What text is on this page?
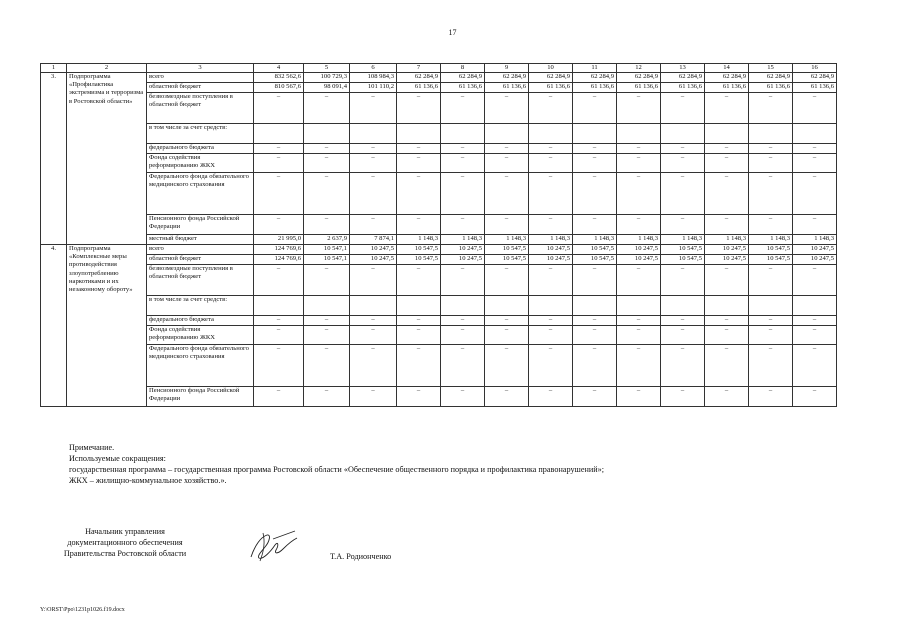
17
1	2	3	4	5	6	7	8	9	10	11	12	13	14	15	16
3.	Подпрограмма «Профилактика экстремизма и терроризма в Ростовской области»	всего	832 562,6	100 729,3	108 984,3	62 284,9	62 284,9	62 284,9	62 284,9	62 284,9	62 284,9	62 284,9	62 284,9	62 284,9	62 284,9
		областной бюджет	810 567,6	98 091,4	101 110,2	61 136,6	61 136,6	61 136,6	61 136,6	61 136,6	61 136,6	61 136,6	61 136,6	61 136,6	61 136,6
		безвозмездные поступления в областной бюджет	–	–	–	–	–	–	–	–	–	–	–	–	–
		в том числе за счет средств:													
		федерального бюджета	–	–	–	–	–	–	–	–	–	–	–	–	–
		Фонда содействия реформированию ЖКХ	–	–	–	–	–	–	–	–	–	–	–	–	–
		Федерального фонда обязательного медицинского страхования	–	–	–	–	–	–	–	–	–	–	–	–	–
		Пенсионного фонда Российской Федерации	–	–	–	–	–	–	–	–	–	–	–	–	–
		местный бюджет	21 995,0	2 637,9	7 874,1	1 148,3	1 148,3	1 148,3	1 148,3	1 148,3	1 148,3	1 148,3	1 148,3	1 148,3	1 148,3
4.	Подпрограмма «Комплексные меры противодействия злоупотреблению наркотиками и их незаконному обороту»	всего	124 769,6	10 547,1	10 247,5	10 547,5	10 247,5	10 547,5	10 247,5	10 547,5	10 247,5	10 547,5	10 247,5	10 547,5	10 247,5
		областной бюджет	124 769,6	10 547,1	10 247,5	10 547,5	10 247,5	10 547,5	10 247,5	10 547,5	10 247,5	10 547,5	10 247,5	10 547,5	10 247,5
		безвозмездные поступления в областной бюджет	–	–	–	–	–	–	–	–	–	–	–	–	–
		в том числе за счет средств:													
		федерального бюджета	–	–	–	–	–	–	–	–	–	–	–	–	–
		Фонда содействия реформированию ЖКХ	–	–	–	–	–	–	–	–	–	–	–	–	–
		Федерального фонда обязательного медицинского страхования	–	–	–	–	–	–	–	–	–	–	–	–	–
		Пенсионного фонда Российской Федерации	–	–	–	–	–	–	–	–	–	–	–	–	–
Примечание.
Используемые сокращения:
государственная программа – государственная программа Ростовской области «Обеспечение общественного порядка и профилактика правонарушений»;
ЖКХ – жилищно-коммунальное хозяйство.».
Начальник управления
документационного обеспечения
Правительства Ростовской области	Т.А. Родионченко
Y:\ORST\Ppo\1231p1026.f19.docx
